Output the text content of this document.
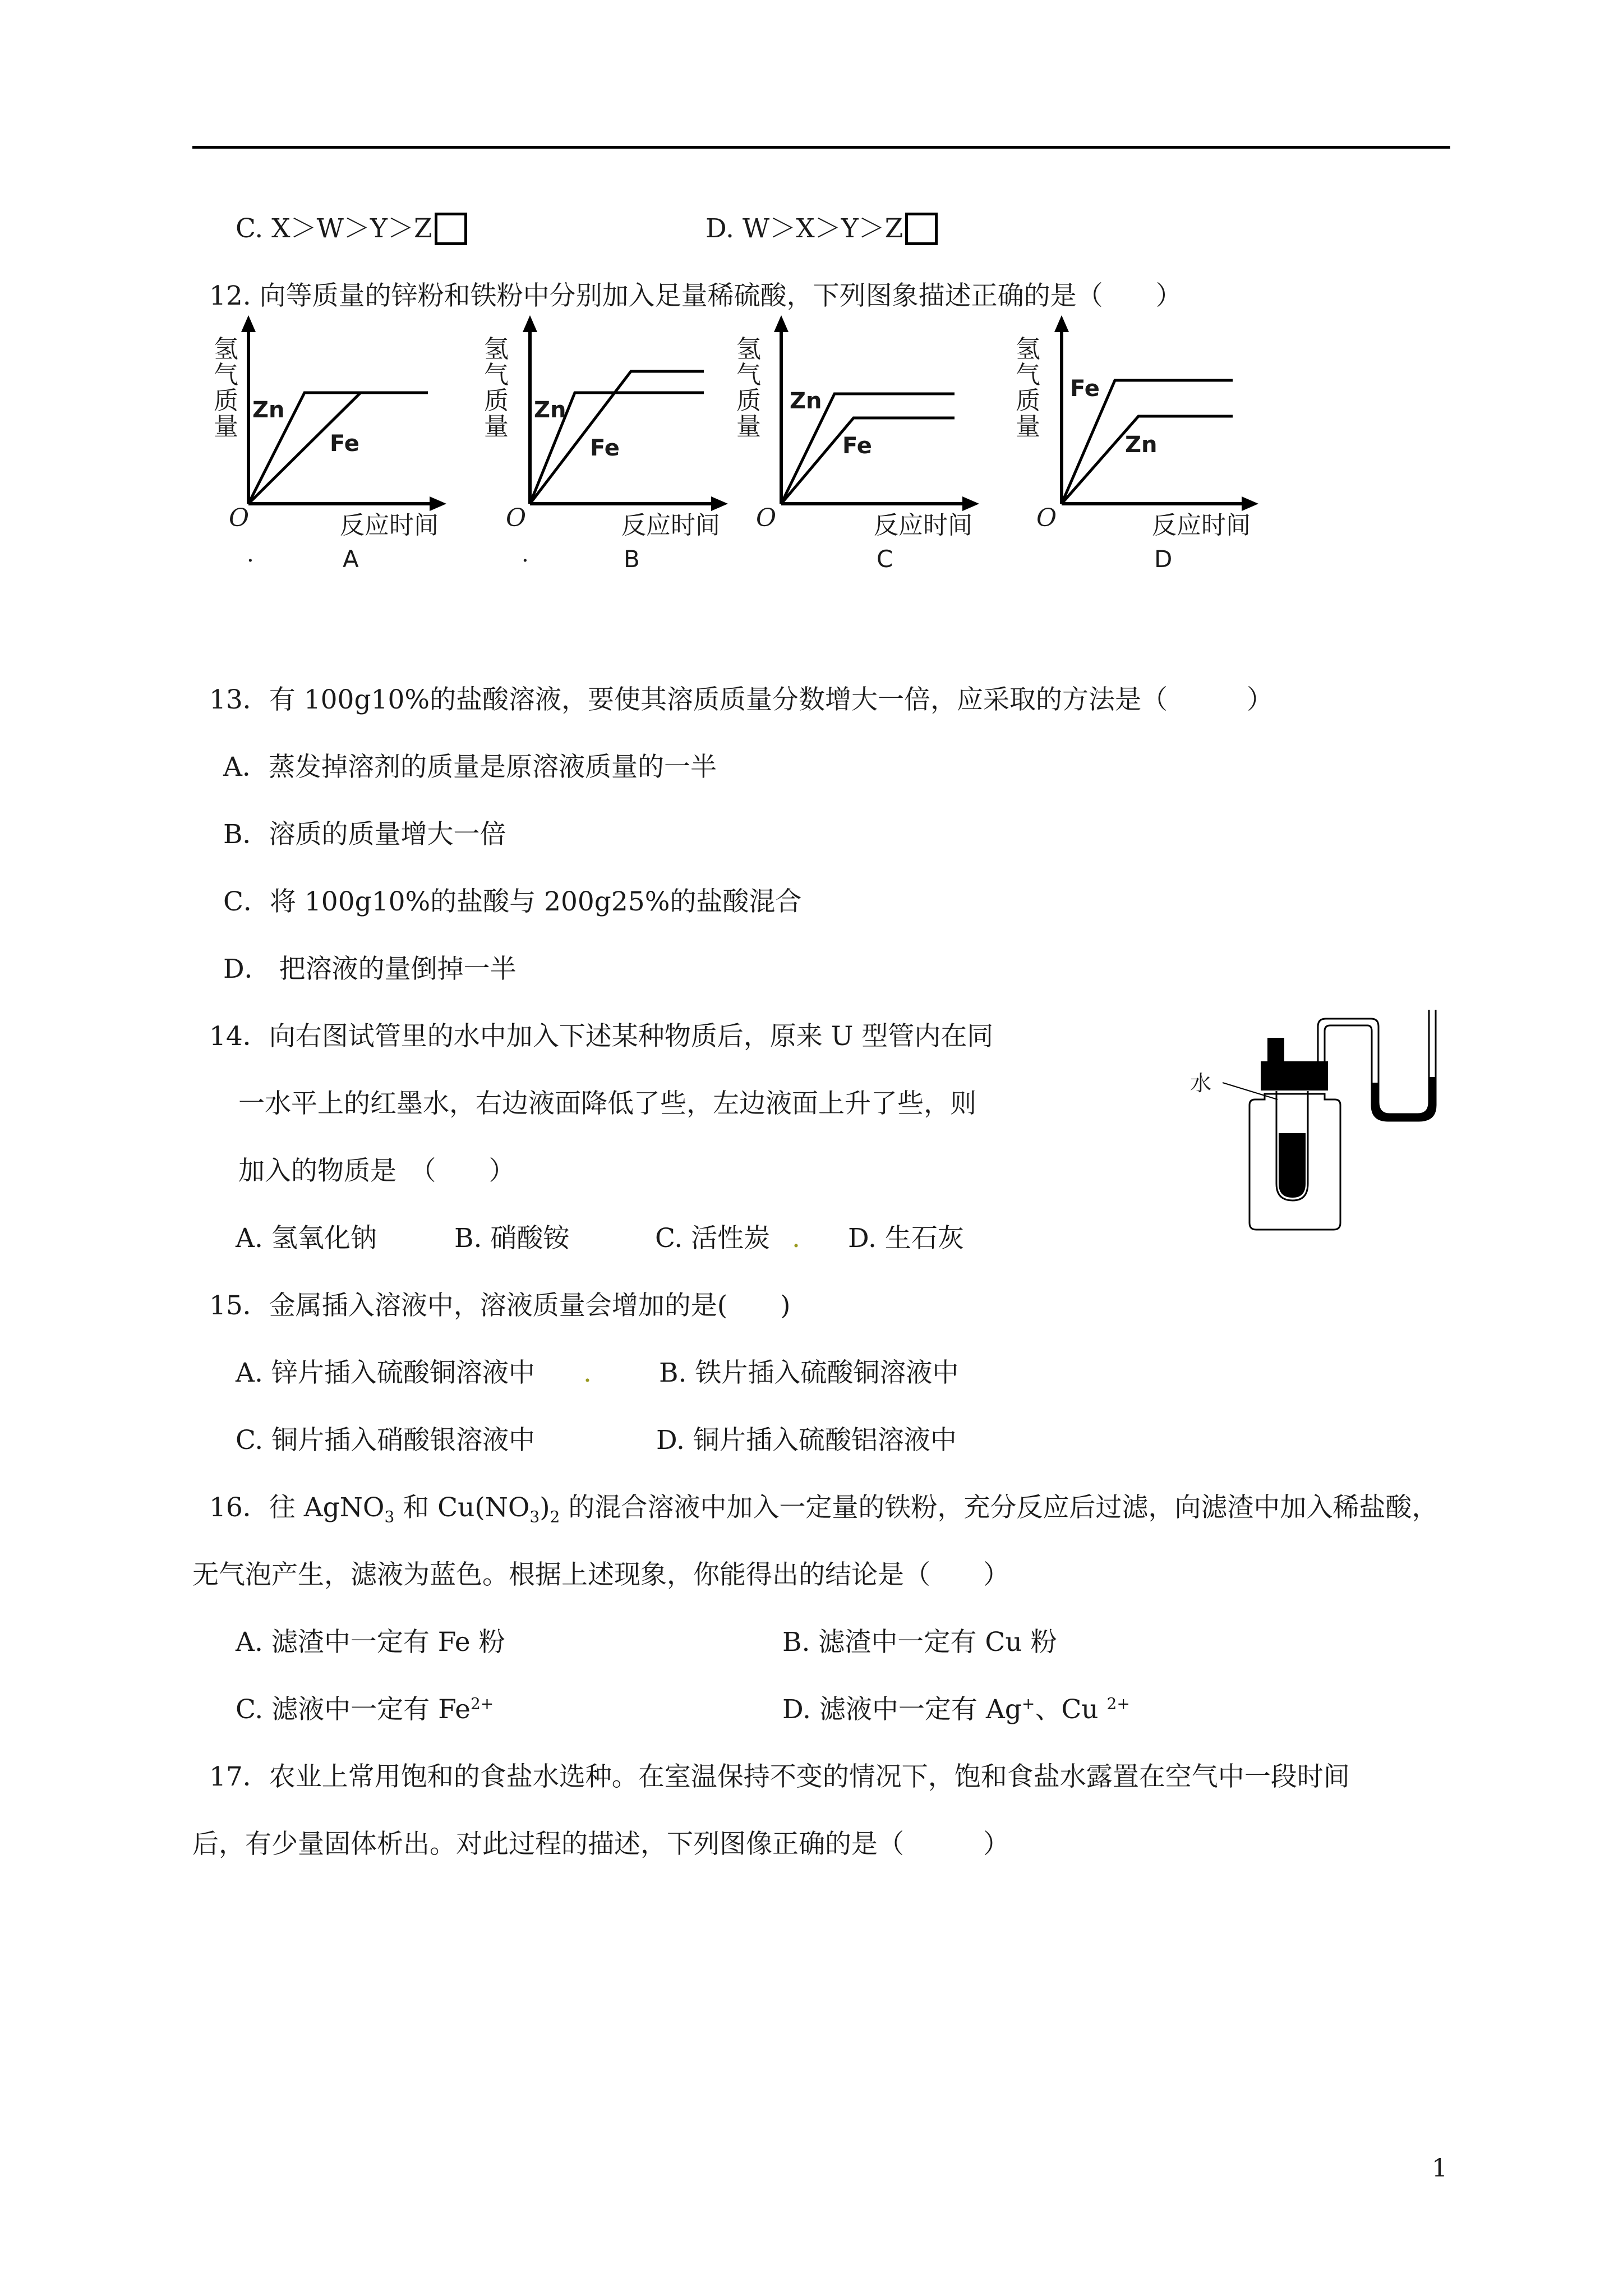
C. X＞W＞Y＞Z	D. W＞X＞Y＞Z
12. 向等质量的锌粉和铁粉中分别加入足量稀硫酸，下列图象描述正确的是（　　）
氢气质量
Zn
Fe
O	反应时间
.	A
氢气质量
Zn
Fe
O	反应时间
.	B
氢气质量
Zn
Fe
O	反应时间
C
氢气质量
Fe
Zn
O	反应时间
D
13．有 100g10%的盐酸溶液，要使其溶质质量分数增大一倍，应采取的方法是（　　　）
A．蒸发掉溶剂的质量是原溶液质量的一半
B．溶质的质量增大一倍
C．将 100g10%的盐酸与 200g25%的盐酸混合
D． 把溶液的量倒掉一半
14．向右图试管里的水中加入下述某种物质后，原来 U 型管内在同
一水平上的红墨水，右边液面降低了些，左边液面上升了些，则
加入的物质是　（　　）
水
A. 氢氧化钠	B. 硝酸铵	C. 活性炭 . D. 生石灰
15．金属插入溶液中，溶液质量会增加的是(　　)
A. 锌片插入硫酸铜溶液中 .	B. 铁片插入硫酸铜溶液中
C. 铜片插入硝酸银溶液中	D. 铜片插入硫酸铝溶液中
16．往 AgNO$_3$ 和 $Cu(NO_3)_2$ 的混合溶液中加入一定量的铁粉，充分反应后过滤，向滤渣中加入稀盐酸，
无气泡产生，滤液为蓝色。根据上述现象，你能得出的结论是（　　）
A. 滤渣中一定有 Fe 粉	B. 滤渣中一定有 Cu 粉
C. 滤液中一定有 $Fe^{2+}$	D. 滤液中一定有 Ag+、Cu $^{2+}$
17．农业上常用饱和的食盐水选种。在室温保持不变的情况下，饱和食盐水露置在空气中一段时间
后，有少量固体析出。对此过程的描述，下列图像正确的是（　　　）
1
